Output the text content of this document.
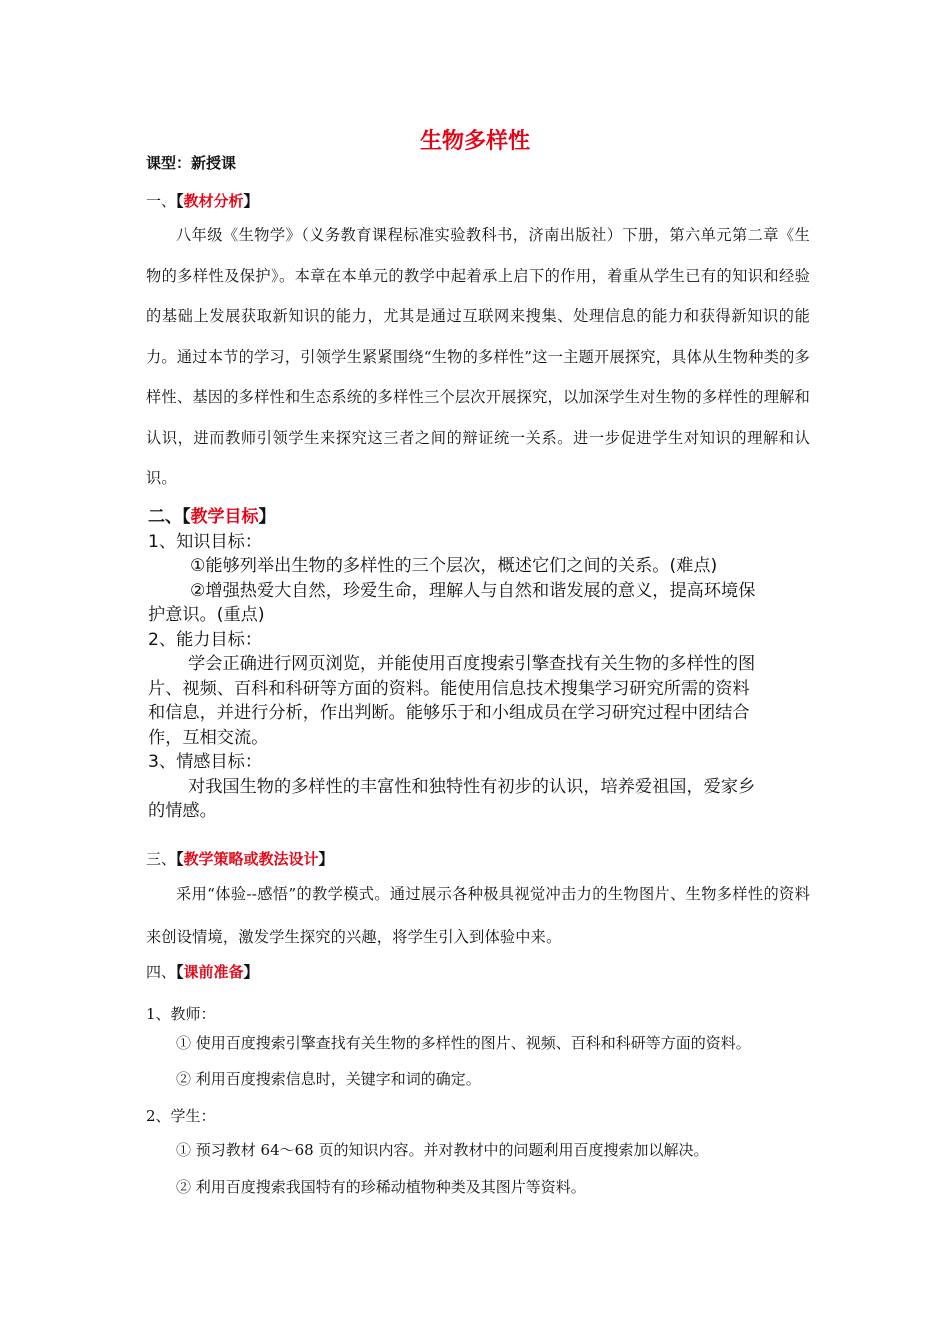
生物多样性
课型：新授课
一、【教材分析】
八年级《生物学》（义务教育课程标准实验教科书，济南出版社）下册，第六单元第二章《生物的多样性及保护》。本章在本单元的教学中起着承上启下的作用，着重从学生已有的知识和经验的基础上发展获取新知识的能力，尤其是通过互联网来搜集、处理信息的能力和获得新知识的能力。通过本节的学习，引领学生紧紧围绕“生物的多样性”这一主题开展探究，具体从生物种类的多样性、基因的多样性和生态系统的多样性三个层次开展探究，以加深学生对生物的多样性的理解和认识，进而教师引领学生来探究这三者之间的辩证统一关系。进一步促进学生对知识的理解和认识。
二、【教学目标】
1、知识目标：
①能够列举出生物的多样性的三个层次，概述它们之间的关系。(难点)
②增强热爱大自然，珍爱生命，理解人与自然和谐发展的意义，提高环境保
护意识。(重点)
2、能力目标：
学会正确进行网页浏览，并能使用百度搜索引擎查找有关生物的多样性的图
片、视频、百科和科研等方面的资料。能使用信息技术搜集学习研究所需的资料
和信息，并进行分析，作出判断。能够乐于和小组成员在学习研究过程中团结合
作，互相交流。
3、情感目标：
对我国生物的多样性的丰富性和独特性有初步的认识，培养爱祖国，爱家乡
的情感。
三、【教学策略或教法设计】
采用“体验--感悟”的教学模式。通过展示各种极具视觉冲击力的生物图片、生物多样性的资料来创设情境，激发学生探究的兴趣，将学生引入到体验中来。
四、【课前准备】
1、教师：
① 使用百度搜索引擎查找有关生物的多样性的图片、视频、百科和科研等方面的资料。
② 利用百度搜索信息时，关键字和词的确定。
2、学生：
① 预习教材 64～68 页的知识内容。并对教材中的问题利用百度搜索加以解决。
② 利用百度搜索我国特有的珍稀动植物种类及其图片等资料。
